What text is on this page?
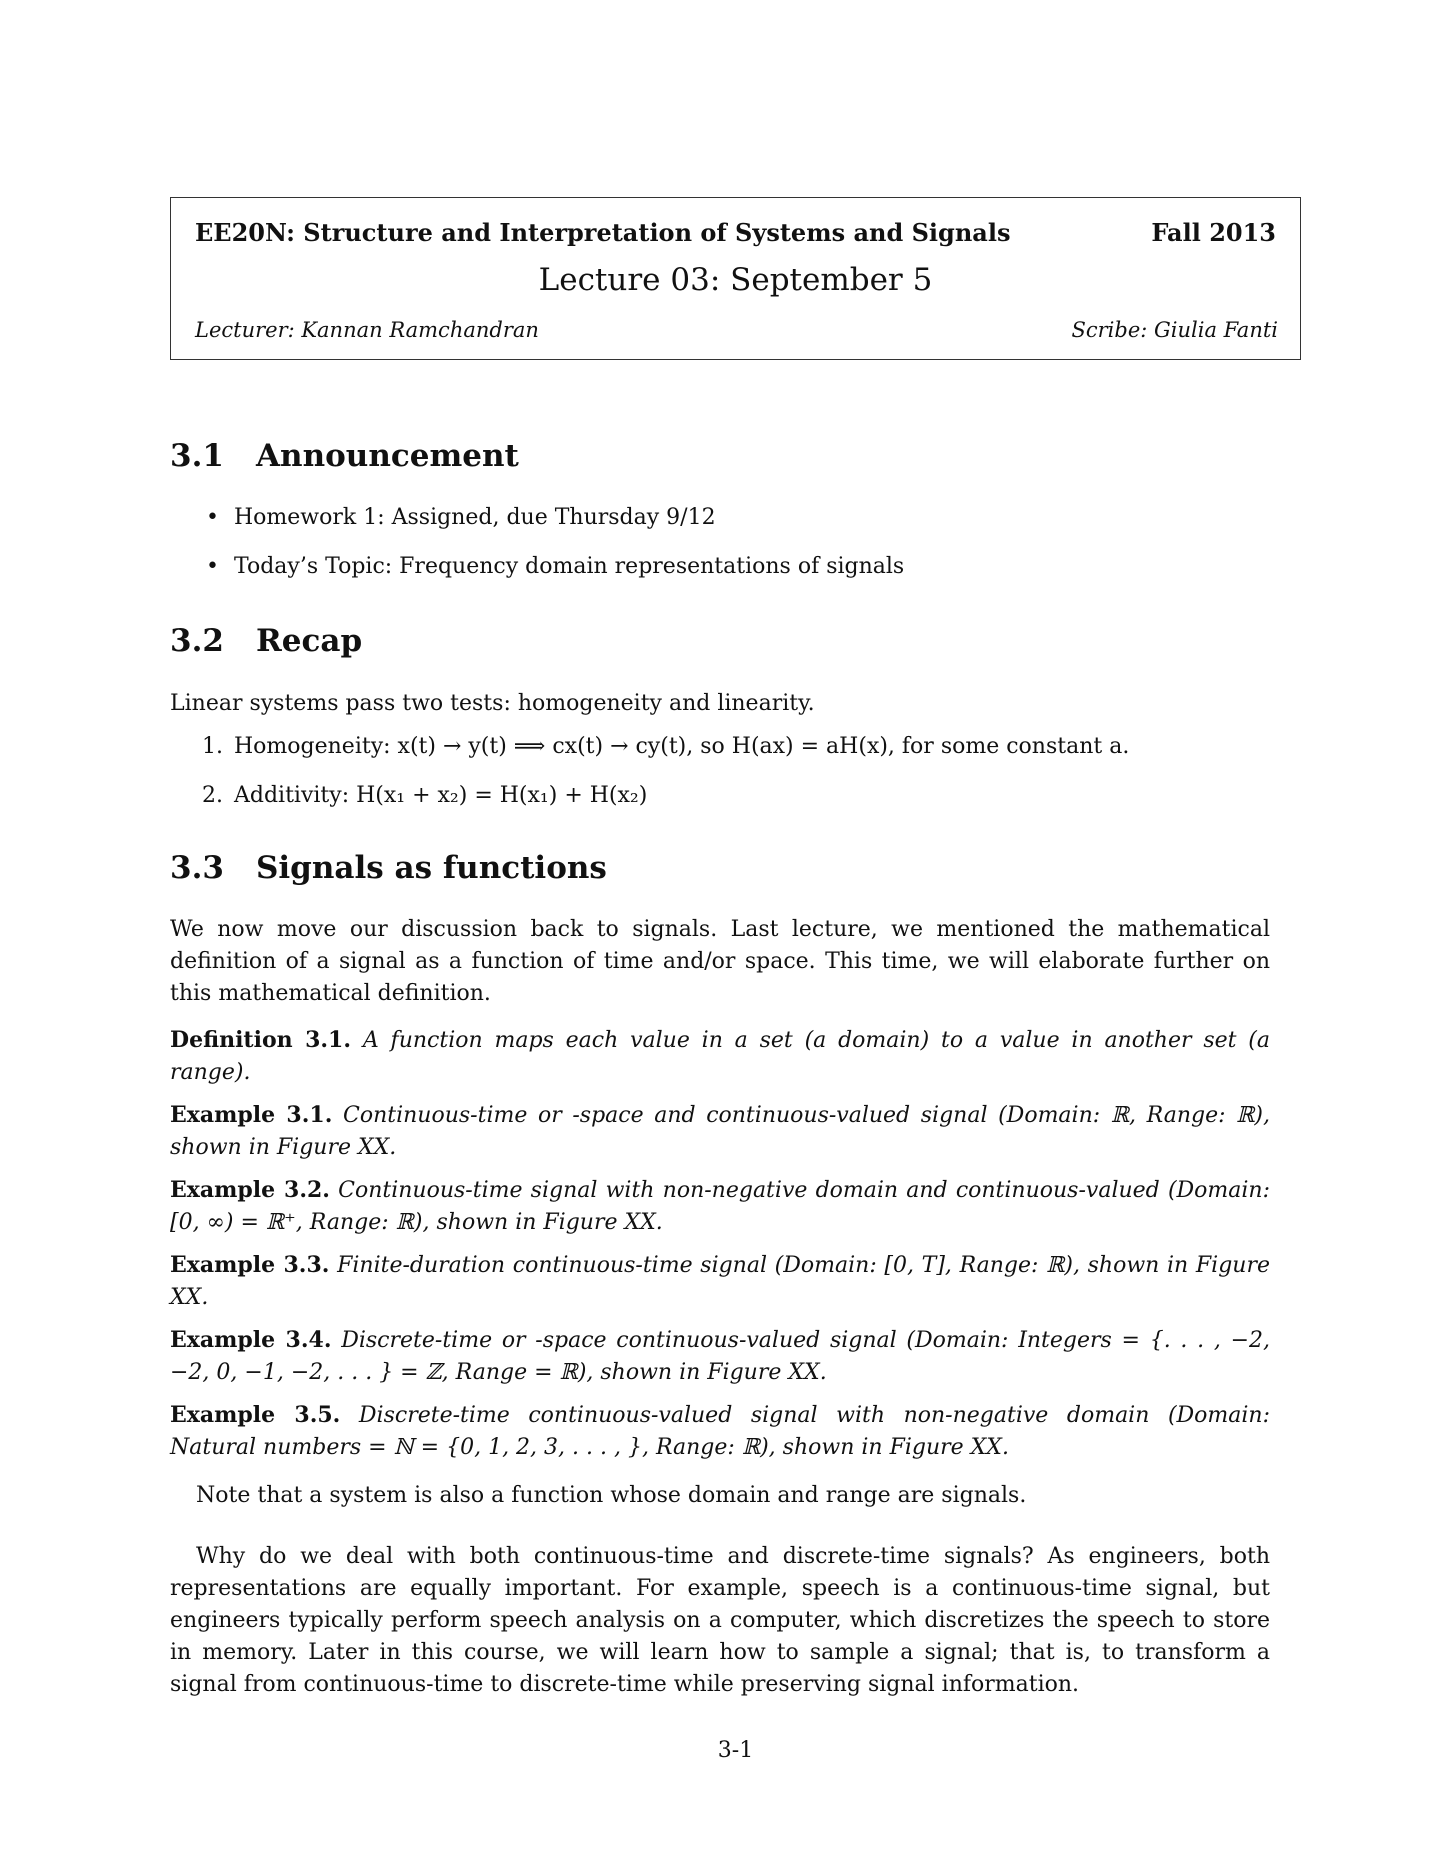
EE20N: Structure and Interpretation of Systems and Signals	Fall 2013
Lecture 03: September 5
Lecturer: Kannan Ramchandran	Scribe: Giulia Fanti
3.1 Announcement
• Homework 1: Assigned, due Thursday 9/12
• Today’s Topic: Frequency domain representations of signals
3.2 Recap

Linear systems pass two tests: homogeneity and linearity.

1. Homogeneity: x(t) → y(t) ⟹ cx(t) → cy(t), so H(ax) = aH(x), for some constant a.
2. Additivity: H(x₁ + x₂) = H(x₁) + H(x₂)
3.3 Signals as functions

We now move our discussion back to signals. Last lecture, we mentioned the mathematical definition of a signal as a function of time and/or space. This time, we will elaborate further on this mathematical definition.

Definition 3.1. A function maps each value in a set (a domain) to a value in another set (a range).

Example 3.1. Continuous-time or -space and continuous-valued signal (Domain: ℝ, Range: ℝ), shown in Figure XX.

Example 3.2. Continuous-time signal with non-negative domain and continuous-valued (Domain: [0, ∞) = ℝ⁺, Range: ℝ), shown in Figure XX.

Example 3.3. Finite-duration continuous-time signal (Domain: [0, T], Range: ℝ), shown in Figure XX.

Example 3.4. Discrete-time or -space continuous-valued signal (Domain: Integers = {. . . , −2, −2, 0, −1, −2, . . . } = ℤ, Range = ℝ), shown in Figure XX.

Example 3.5. Discrete-time continuous-valued signal with non-negative domain (Domain: Natural numbers = ℕ = {0, 1, 2, 3, . . . , }, Range: ℝ), shown in Figure XX.

Note that a system is also a function whose domain and range are signals.

Why do we deal with both continuous-time and discrete-time signals? As engineers, both representations are equally important. For example, speech is a continuous-time signal, but engineers typically perform speech analysis on a computer, which discretizes the speech to store in memory. Later in this course, we will learn how to sample a signal; that is, to transform a signal from continuous-time to discrete-time while preserving signal information.

3-1
